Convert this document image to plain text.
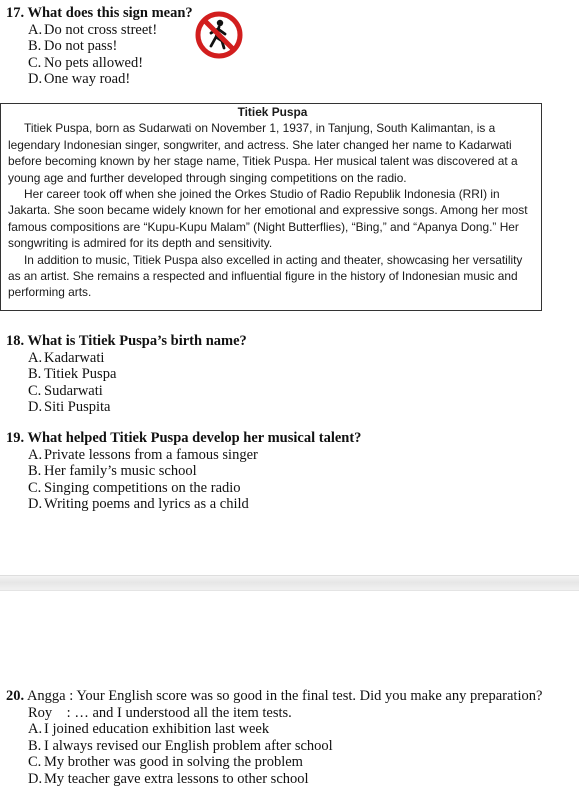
17. What does this sign mean?
A. Do not cross street!
B. Do not pass!
C. No pets allowed!
D. One way road!
Titiek Puspa

Titiek Puspa, born as Sudarwati on November 1, 1937, in Tanjung, South Kalimantan, is a legendary Indonesian singer, songwriter, and actress. She later changed her name to Kadarwati before becoming known by her stage name, Titiek Puspa. Her musical talent was discovered at a young age and further developed through singing competitions on the radio.

Her career took off when she joined the Orkes Studio of Radio Republik Indonesia (RRI) in Jakarta. She soon became widely known for her emotional and expressive songs. Among her most famous compositions are “Kupu-Kupu Malam” (Night Butterflies), “Bing,” and “Apanya Dong.” Her songwriting is admired for its depth and sensitivity.

In addition to music, Titiek Puspa also excelled in acting and theater, showcasing her versatility as an artist. She remains a respected and influential figure in the history of Indonesian music and performing arts.

18. What is Titiek Puspa’s birth name?
A. Kadarwati
B. Titiek Puspa
C. Sudarwati
D. Siti Puspita
19. What helped Titiek Puspa develop her musical talent?
A. Private lessons from a famous singer
B. Her family’s music school
C. Singing competitions on the radio
D. Writing poems and lyrics as a child
20. Angga : Your English score was so good in the final test. Did you make any preparation?
Roy    : … and I understood all the item tests.
A. I joined education exhibition last week
B. I always revised our English problem after school
C. My brother was good in solving the problem
D. My teacher gave extra lessons to other school
